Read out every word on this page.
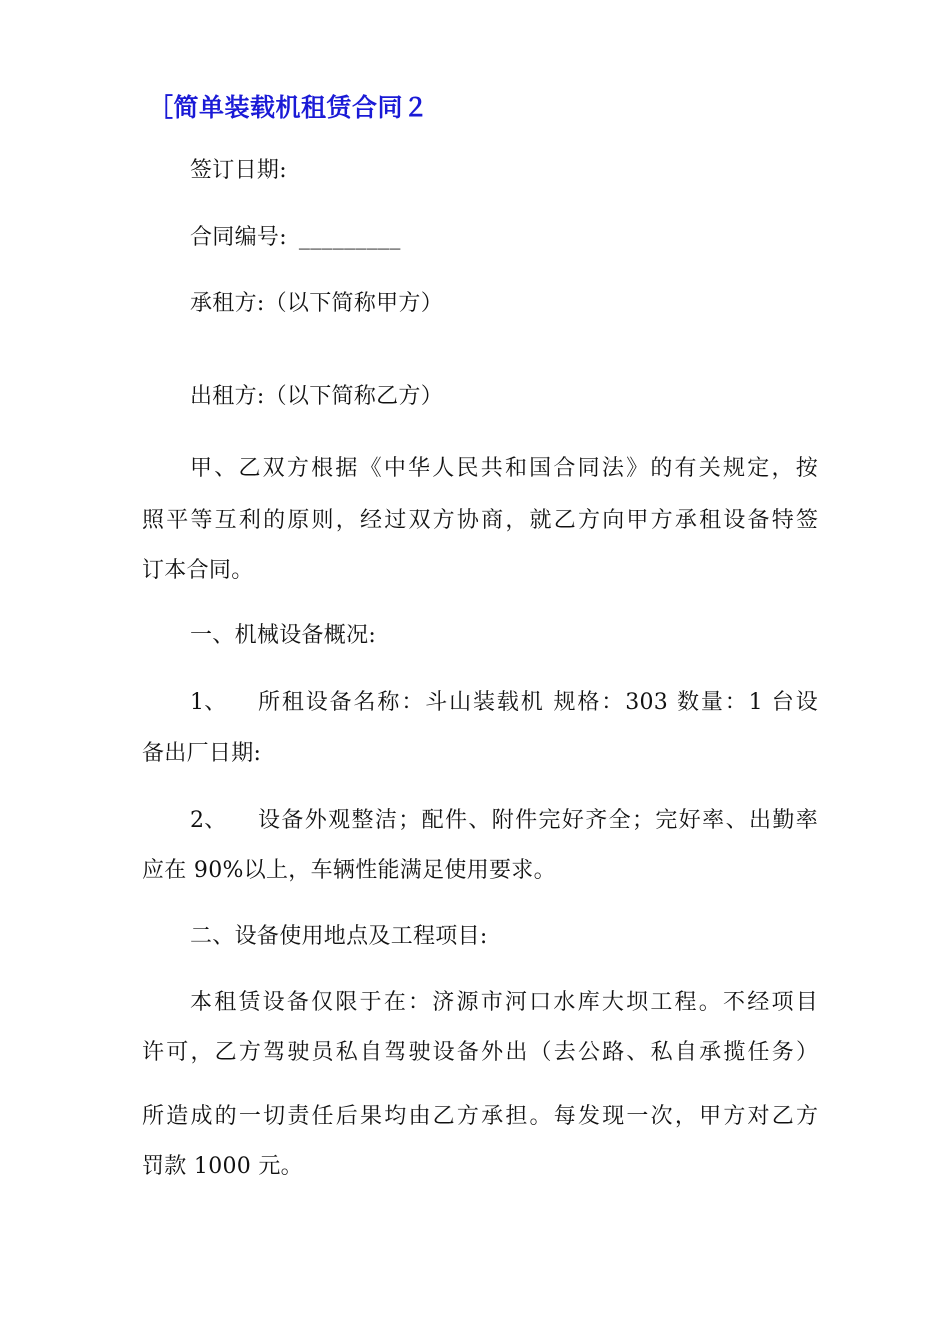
［简单装载机租赁合同２
签订日期:
合同编号: _________
承租方:（以下简称甲方）
出租方:（以下简称乙方）
甲、乙双方根据《中华人民共和国合同法》的有关规定，按
照平等互利的原则，经过双方协商，就乙方向甲方承租设备特签
订本合同。
一、机械设备概况:
1、 所租设备名称：斗山装载机 规格：303 数量：1 台设
备出厂日期:
2、 设备外观整洁；配件、附件完好齐全；完好率、出勤率
应在 90%以上，车辆性能满足使用要求。
二、设备使用地点及工程项目:
本租赁设备仅限于在：济源市河口水库大坝工程。不经项目
许可，乙方驾驶员私自驾驶设备外出（去公路、私自承揽任务）
所造成的一切责任后果均由乙方承担。每发现一次，甲方对乙方
罚款 1000 元。
